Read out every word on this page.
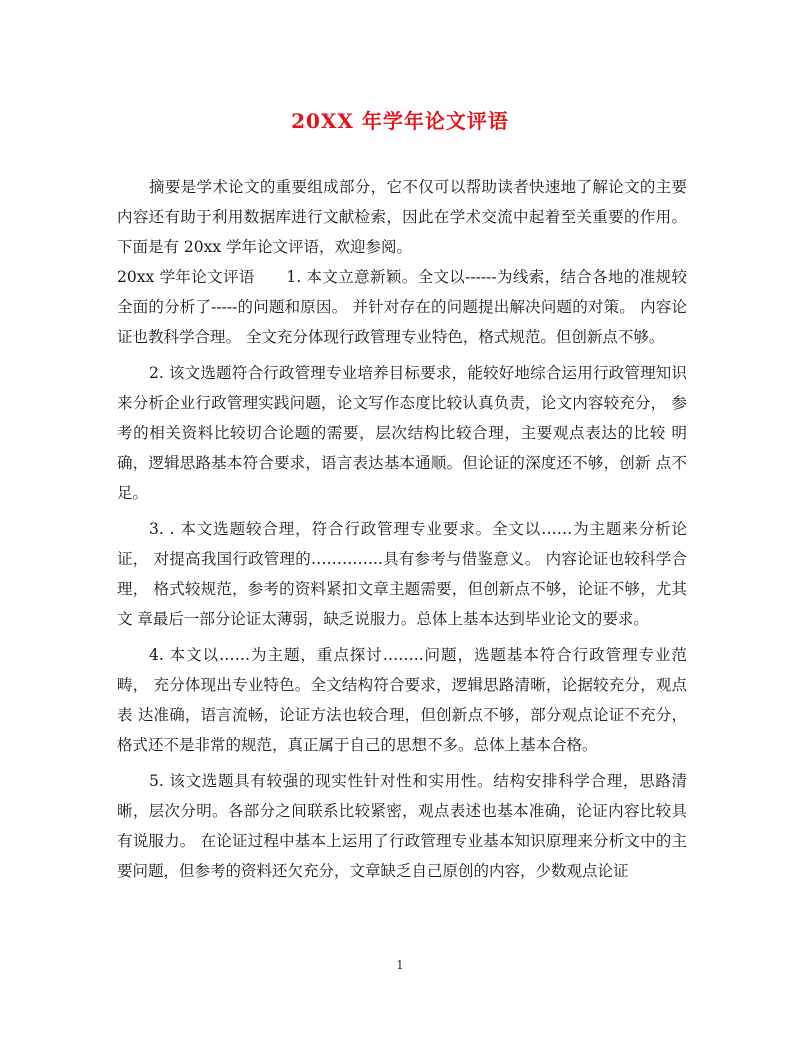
20XX 年学年论文评语

摘要是学术论文的重要组成部分，它不仅可以帮助读者快速地了解论文的主要内容还有助于利用数据库进行文献检索，因此在学术交流中起着至关重要的作用。下面是有 20xx 学年论文评语，欢迎参阅。

20xx 学年论文评语　　1. 本文立意新颖。全文以------为线索，结合各地的准规较全面的分析了-----的问题和原因。 并针对存在的问题提出解决问题的对策。 内容论证也教科学合理。 全文充分体现行政管理专业特色，格式规范。但创新点不够。

2. 该文选题符合行政管理专业培养目标要求，能较好地综合运用行政管理知识 来分析企业行政管理实践问题，论文写作态度比较认真负责，论文内容较充分， 参考的相关资料比较切合论题的需要，层次结构比较合理，主要观点表达的比较 明确，逻辑思路基本符合要求，语言表达基本通顺。但论证的深度还不够，创新 点不足。

3. . 本文选题较合理，符合行政管理专业要求。全文以……为主题来分析论证， 对提高我国行政管理的…………..具有参考与借鉴意义。 内容论证也较科学合理， 格式较规范，参考的资料紧扣文章主题需要，但创新点不够，论证不够，尤其文 章最后一部分论证太薄弱，缺乏说服力。总体上基本达到毕业论文的要求。

4. 本文以……为主题，重点探讨……..问题，选题基本符合行政管理专业范畴， 充分体现出专业特色。全文结构符合要求，逻辑思路清晰，论据较充分，观点表 达准确，语言流畅，论证方法也较合理，但创新点不够，部分观点论证不充分， 格式还不是非常的规范，真正属于自己的思想不多。总体上基本合格。

5. 该文选题具有较强的现实性针对性和实用性。结构安排科学合理，思路清晰，层次分明。各部分之间联系比较紧密，观点表述也基本准确，论证内容比较具有说服力。 在论证过程中基本上运用了行政管理专业基本知识原理来分析文中的主要问题，但参考的资料还欠充分，文章缺乏自己原创的内容，少数观点论证

1
